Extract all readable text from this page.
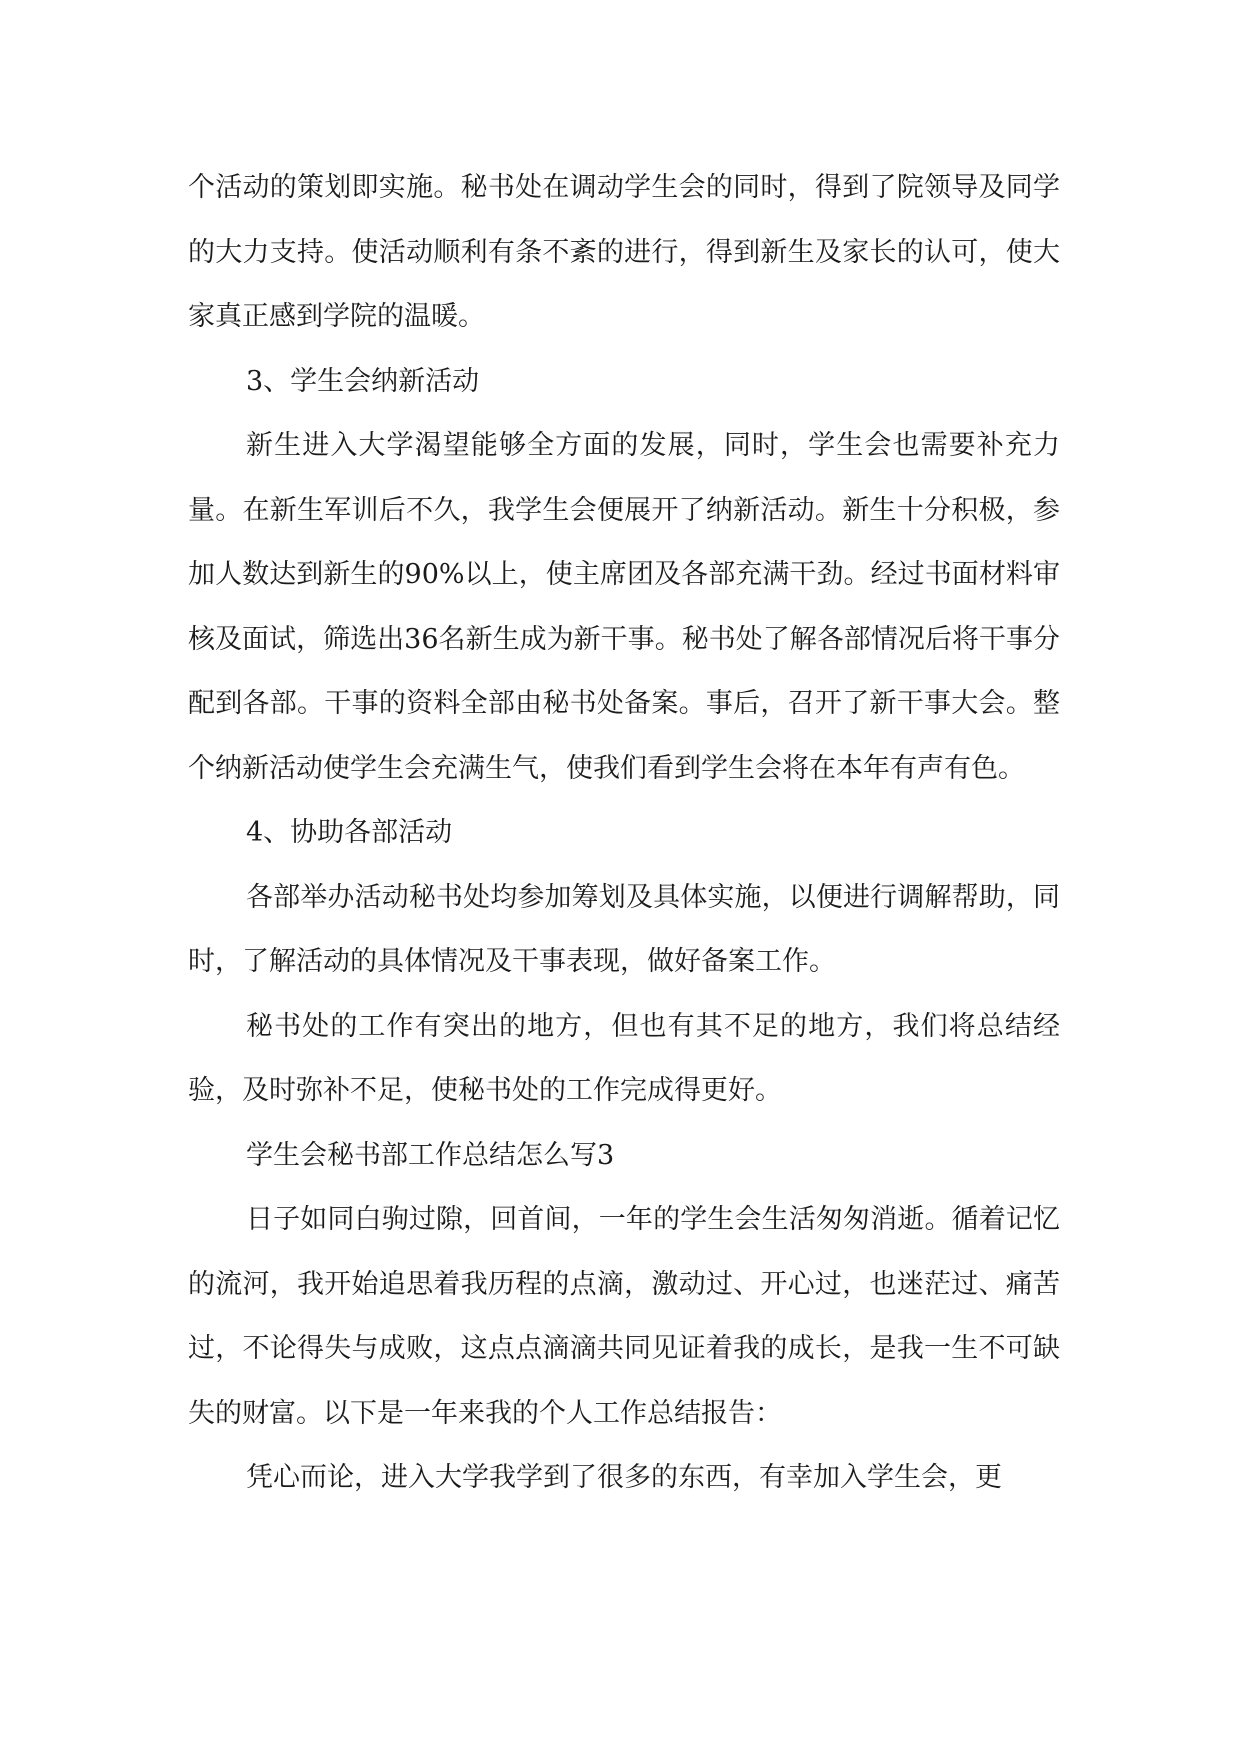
个活动的策划即实施。秘书处在调动学生会的同时，得到了院领导及同学的大力支持。使活动顺利有条不紊的进行，得到新生及家长的认可，使大家真正感到学院的温暖。

3、学生会纳新活动

新生进入大学渴望能够全方面的发展，同时，学生会也需要补充力量。在新生军训后不久，我学生会便展开了纳新活动。新生十分积极，参加人数达到新生的90%以上，使主席团及各部充满干劲。经过书面材料审核及面试，筛选出36名新生成为新干事。秘书处了解各部情况后将干事分配到各部。干事的资料全部由秘书处备案。事后，召开了新干事大会。整个纳新活动使学生会充满生气，使我们看到学生会将在本年有声有色。

4、协助各部活动

各部举办活动秘书处均参加筹划及具体实施，以便进行调解帮助，同时，了解活动的具体情况及干事表现，做好备案工作。

秘书处的工作有突出的地方，但也有其不足的地方，我们将总结经验，及时弥补不足，使秘书处的工作完成得更好。

学生会秘书部工作总结怎么写3

日子如同白驹过隙，回首间，一年的学生会生活匆匆消逝。循着记忆的流河，我开始追思着我历程的点滴，激动过、开心过，也迷茫过、痛苦过，不论得失与成败，这点点滴滴共同见证着我的成长，是我一生不可缺失的财富。以下是一年来我的个人工作总结报告：

凭心而论，进入大学我学到了很多的东西，有幸加入学生会，更
